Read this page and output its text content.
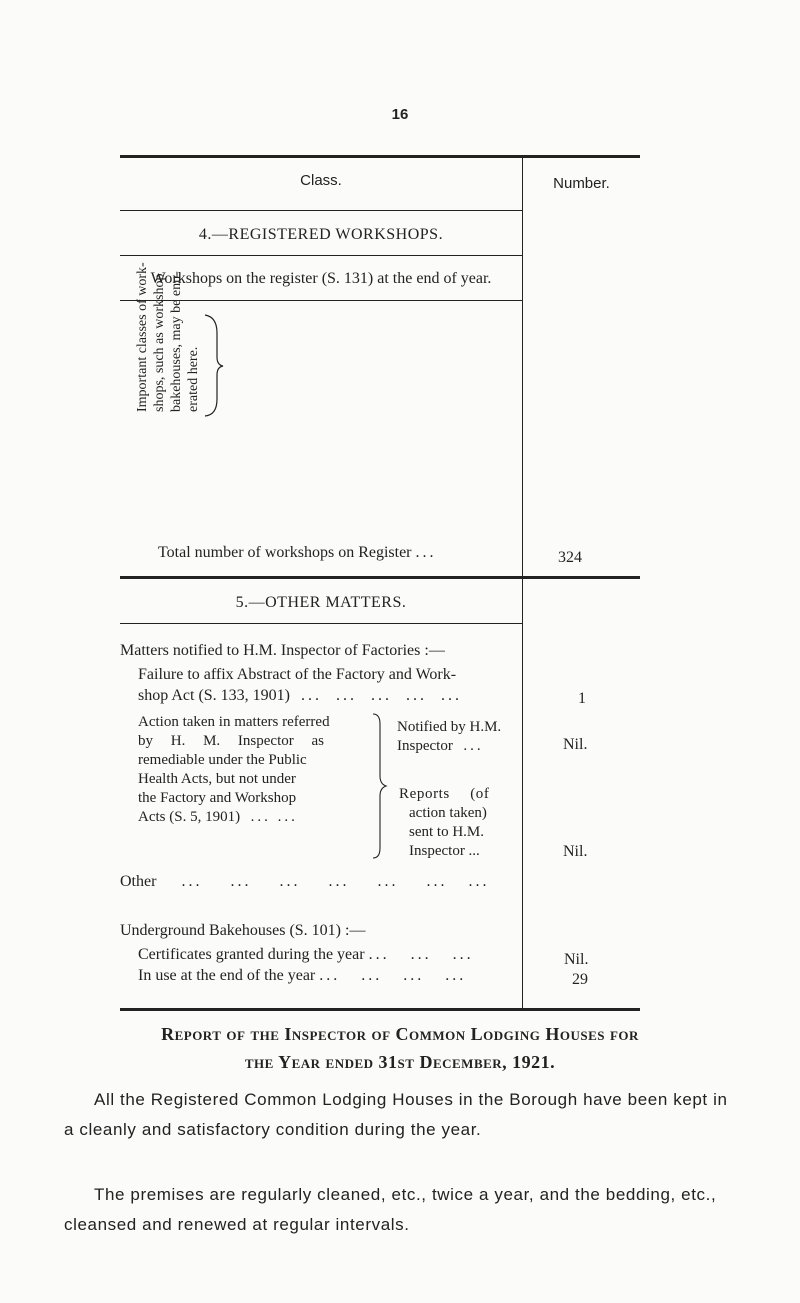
16
Class.	Number.
4.—REGISTERED WORKSHOPS.
Workshops on the register (S. 131) at the end of year.
Important classes of work- shops, such as workshop bakehouses, may be enu- erated here.
Total number of workshops on Register ...	324
5.—OTHER MATTERS.
Matters notified to H.M. Inspector of Factories :—
Failure to affix Abstract of the Factory and Work-
shop Act (S. 133, 1901)  ...  ...  ...  ...  ...	1
Action taken in matters referred
by H. M. Inspector as
remediable under the Public
Health Acts, but not under
the Factory and Workshop
Acts (S. 5, 1901)  ... ...
Notified by H.M.
Inspector  ...	Nil.
Reports (of
action taken)
sent to H.M.
Inspector ...	Nil.
Other    ...    ...    ...    ...    ...    ...   ...
Underground Bakehouses (S. 101) :—
Certificates granted during the year ...   ...   ...	Nil.
In use at the end of the year ...   ...   ...   ...	29
Report of the Inspector of Common Lodging Houses for
the Year ended 31st December, 1921.
All the Registered Common Lodging Houses in the Borough have been kept in a cleanly and satisfactory condition during the year.
The premises are regularly cleaned, etc., twice a year, and the bedding, etc., cleansed and renewed at regular intervals.
